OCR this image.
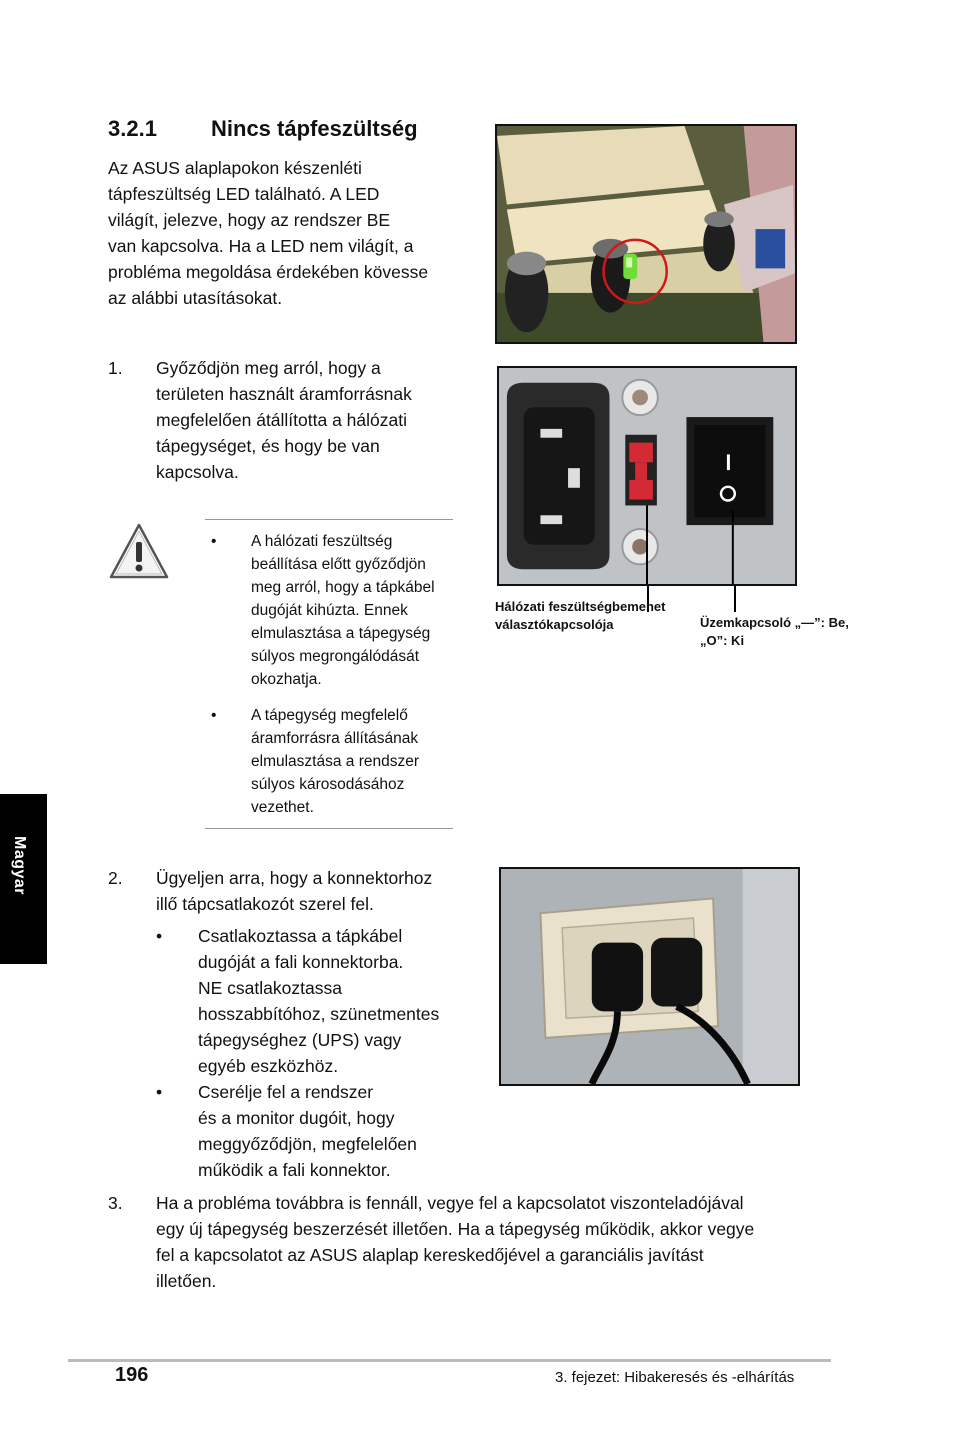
3.2.1 Nincs tápfeszültség
Az ASUS alaplapokon készenléti
tápfeszültség LED található. A LED
világít, jelezve, hogy az rendszer BE
van kapcsolva. Ha a LED nem világít, a
probléma megoldása érdekében kövesse
az alábbi utasításokat.
1. Győződjön meg arról, hogy a
területen használt áramforrásnak
megfelelően átállította a hálózati
tápegységet, és hogy be van
kapcsolva.
Hálózati feszültségbemenet
választókapcsolója	Üzemkapcsoló „—”: Be,
„O”: Ki
• A hálózati feszültség
beállítása előtt győződjön
meg arról, hogy a tápkábel
dugóját kihúzta. Ennek
elmulasztása a tápegység
súlyos megrongálódását
okozhatja.
• A tápegység megfelelő
áramforrásra állításának
elmulasztása a rendszer
súlyos károsodásához
vezethet.
Magyar	2. Ügyeljen arra, hogy a konnektorhoz
illő tápcsatlakozót szerel fel.
• Csatlakoztassa a tápkábel
dugóját a fali konnektorba.
NE csatlakoztassa
hosszabbítóhoz, szünetmentes
tápegységhez (UPS) vagy
egyéb eszközhöz.
• Cserélje fel a rendszer
és a monitor dugóit, hogy
meggyőződjön, megfelelően
működik a fali konnektor.
3. Ha a probléma továbbra is fennáll, vegye fel a kapcsolatot viszonteladójával
egy új tápegység beszerzését illetően. Ha a tápegység működik, akkor vegye
fel a kapcsolatot az ASUS alaplap kereskedőjével a garanciális javítást
illetően.
196	3. fejezet: Hibakeresés és -elhárítás
